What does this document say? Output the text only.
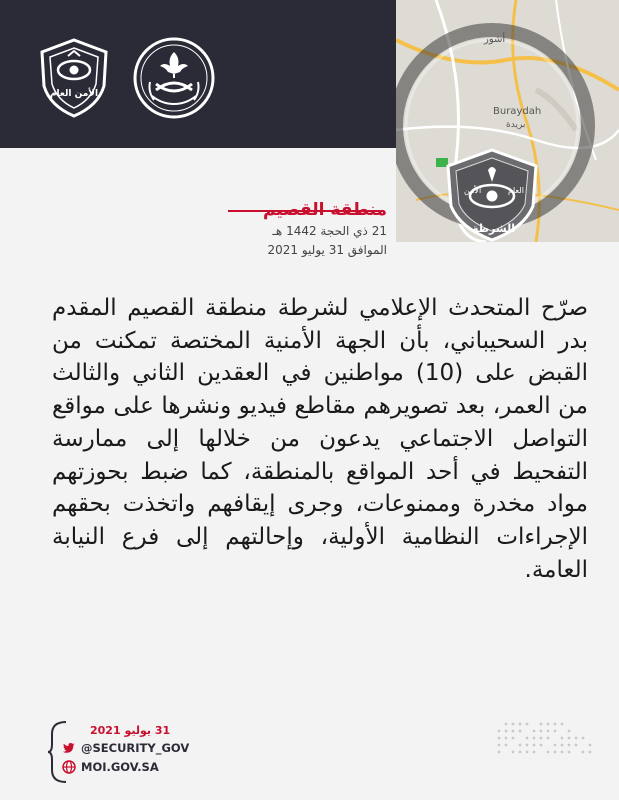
الأمن العام
أشور
Buraydah
بريدة
الأمن	العام
الشرطة
منطقة القصيم
21 ذي الحجة 1442 هـ
الموافق 31 يوليو 2021

صرّح المتحدث الإعلامي لشرطة منطقة القصيم المقدم بدر السحيباني، بأن الجهة الأمنية المختصة تمكنت من القبض على (10) مواطنين في العقدين الثاني والثالث من العمر، بعد تصويرهم مقاطع فيديو ونشرها على مواقع التواصل الاجتماعي يدعون من خلالها إلى ممارسة التفحيط في أحد المواقع بالمنطقة، كما ضبط بحوزتهم مواد مخدرة وممنوعات، وجرى إيقافهم واتخذت بحقهم الإجراءات النظامية الأولية، وإحالتهم إلى فرع النيابة العامة.

31 يوليو 2021
@SECURITY_GOV
MOI.GOV.SA
